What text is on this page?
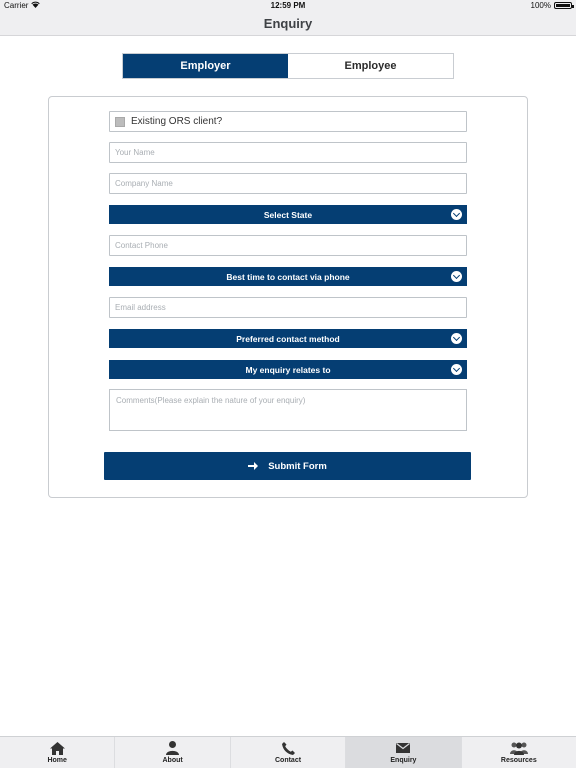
Carrier	12:59 PM	100%
Enquiry
Employer	Employee
Existing ORS client?
Your Name
Company Name
Select State
Contact Phone
Best time to contact via phone
Email address
Preferred contact method
My enquiry relates to
Comments(Please explain the nature of your enquiry)
Submit Form
Home	About	Contact	Enquiry	Resources
